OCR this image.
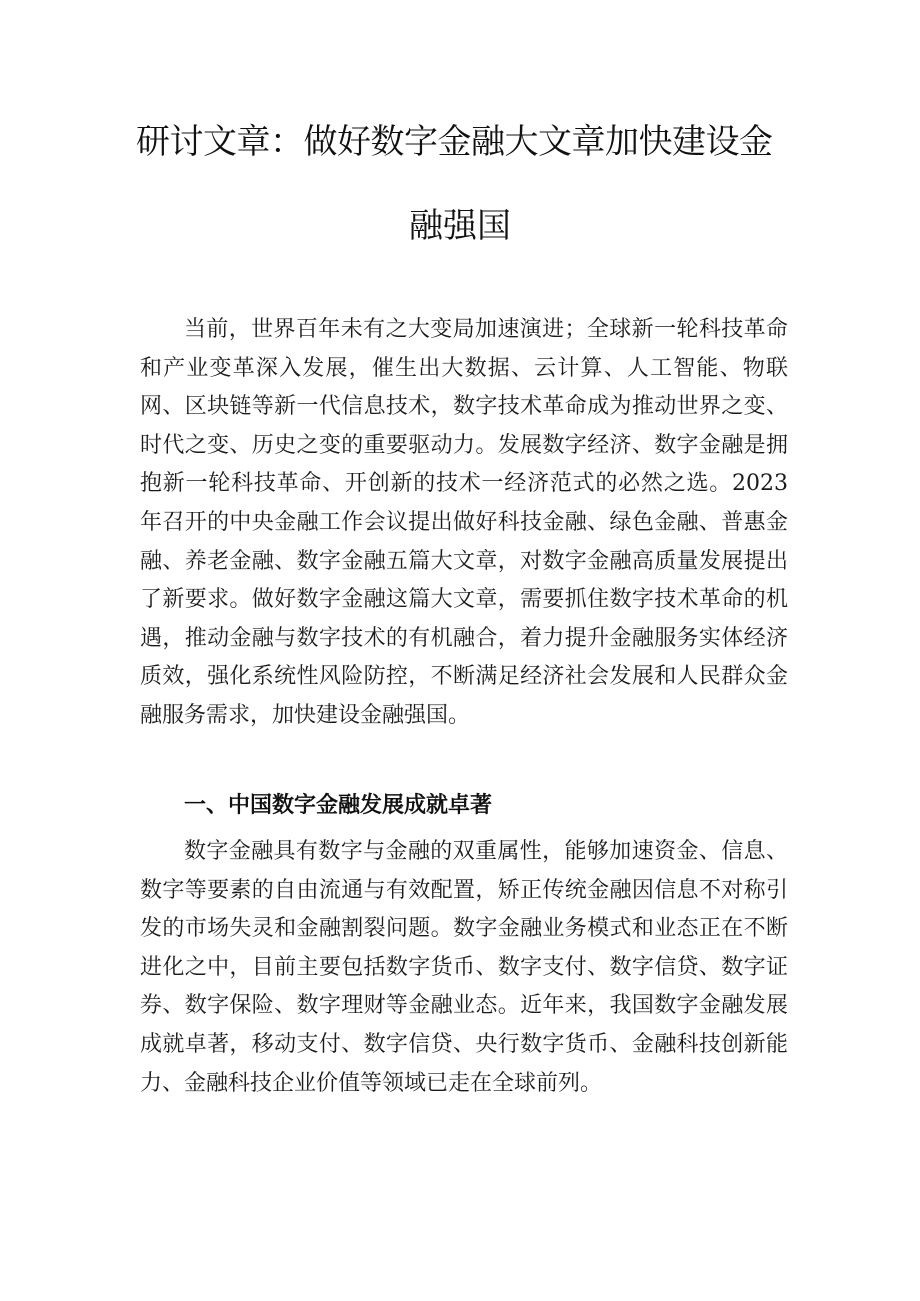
研讨文章：做好数字金融大文章加快建设金
融强国

当前，世界百年未有之大变局加速演进；全球新一轮科技革命和产业变革深入发展，催生出大数据、云计算、人工智能、物联网、区块链等新一代信息技术，数字技术革命成为推动世界之变、时代之变、历史之变的重要驱动力。发展数字经济、数字金融是拥抱新一轮科技革命、开创新的技术一经济范式的必然之选。2023年召开的中央金融工作会议提出做好科技金融、绿色金融、普惠金融、养老金融、数字金融五篇大文章，对数字金融高质量发展提出了新要求。做好数字金融这篇大文章，需要抓住数字技术革命的机遇，推动金融与数字技术的有机融合，着力提升金融服务实体经济质效，强化系统性风险防控，不断满足经济社会发展和人民群众金融服务需求，加快建设金融强国。

一、中国数字金融发展成就卓著

数字金融具有数字与金融的双重属性，能够加速资金、信息、数字等要素的自由流通与有效配置，矫正传统金融因信息不对称引发的市场失灵和金融割裂问题。数字金融业务模式和业态正在不断进化之中，目前主要包括数字货币、数字支付、数字信贷、数字证券、数字保险、数字理财等金融业态。近年来，我国数字金融发展成就卓著，移动支付、数字信贷、央行数字货币、金融科技创新能力、金融科技企业价值等领域已走在全球前列。
